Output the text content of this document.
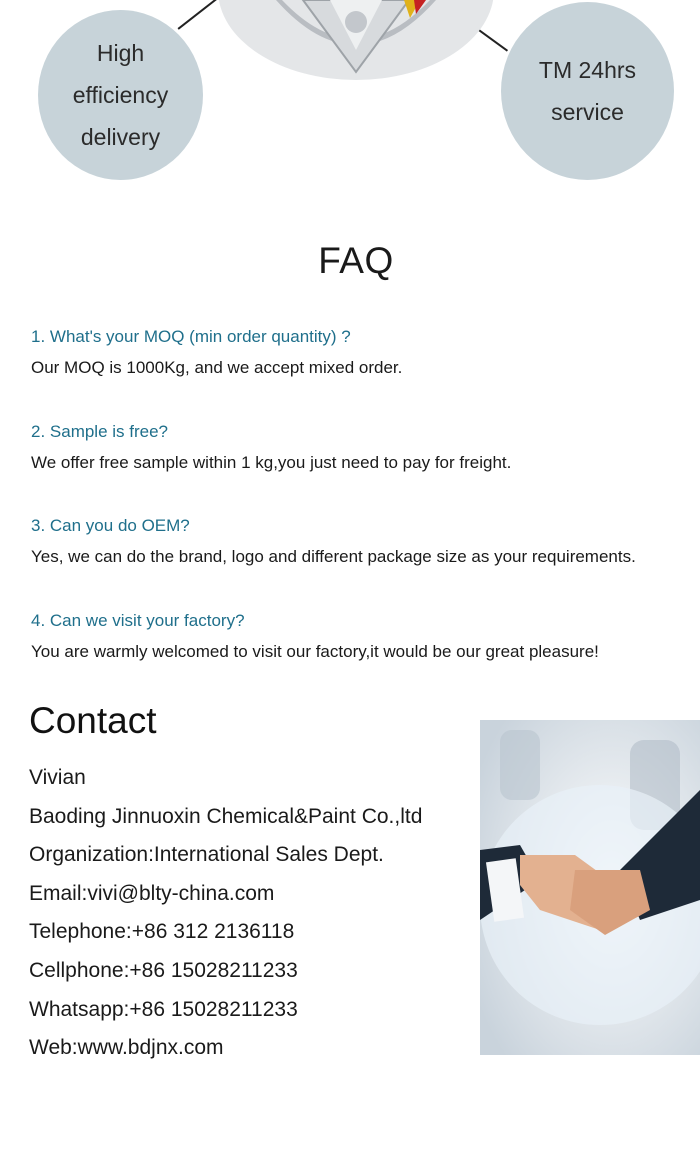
High
efficiency
delivery
TM 24hrs
service
FAQ
1. What's your MOQ (min order quantity) ?
Our MOQ is 1000Kg, and we accept mixed order.
2. Sample is free?
We offer free sample within 1 kg,you just need to pay for freight.
3. Can you do OEM?
Yes, we can do the brand, logo and different package size as your requirements.
4. Can we visit your factory?
You are warmly welcomed to visit our factory,it would be our great pleasure!
Contact
Vivian
Baoding Jinnuoxin Chemical&Paint Co.,ltd
Organization:International Sales Dept.
Email:vivi@blty-china.com
Telephone:+86 312 2136118
Cellphone:+86 15028211233
Whatsapp:+86 15028211233
Web:www.bdjnx.com
